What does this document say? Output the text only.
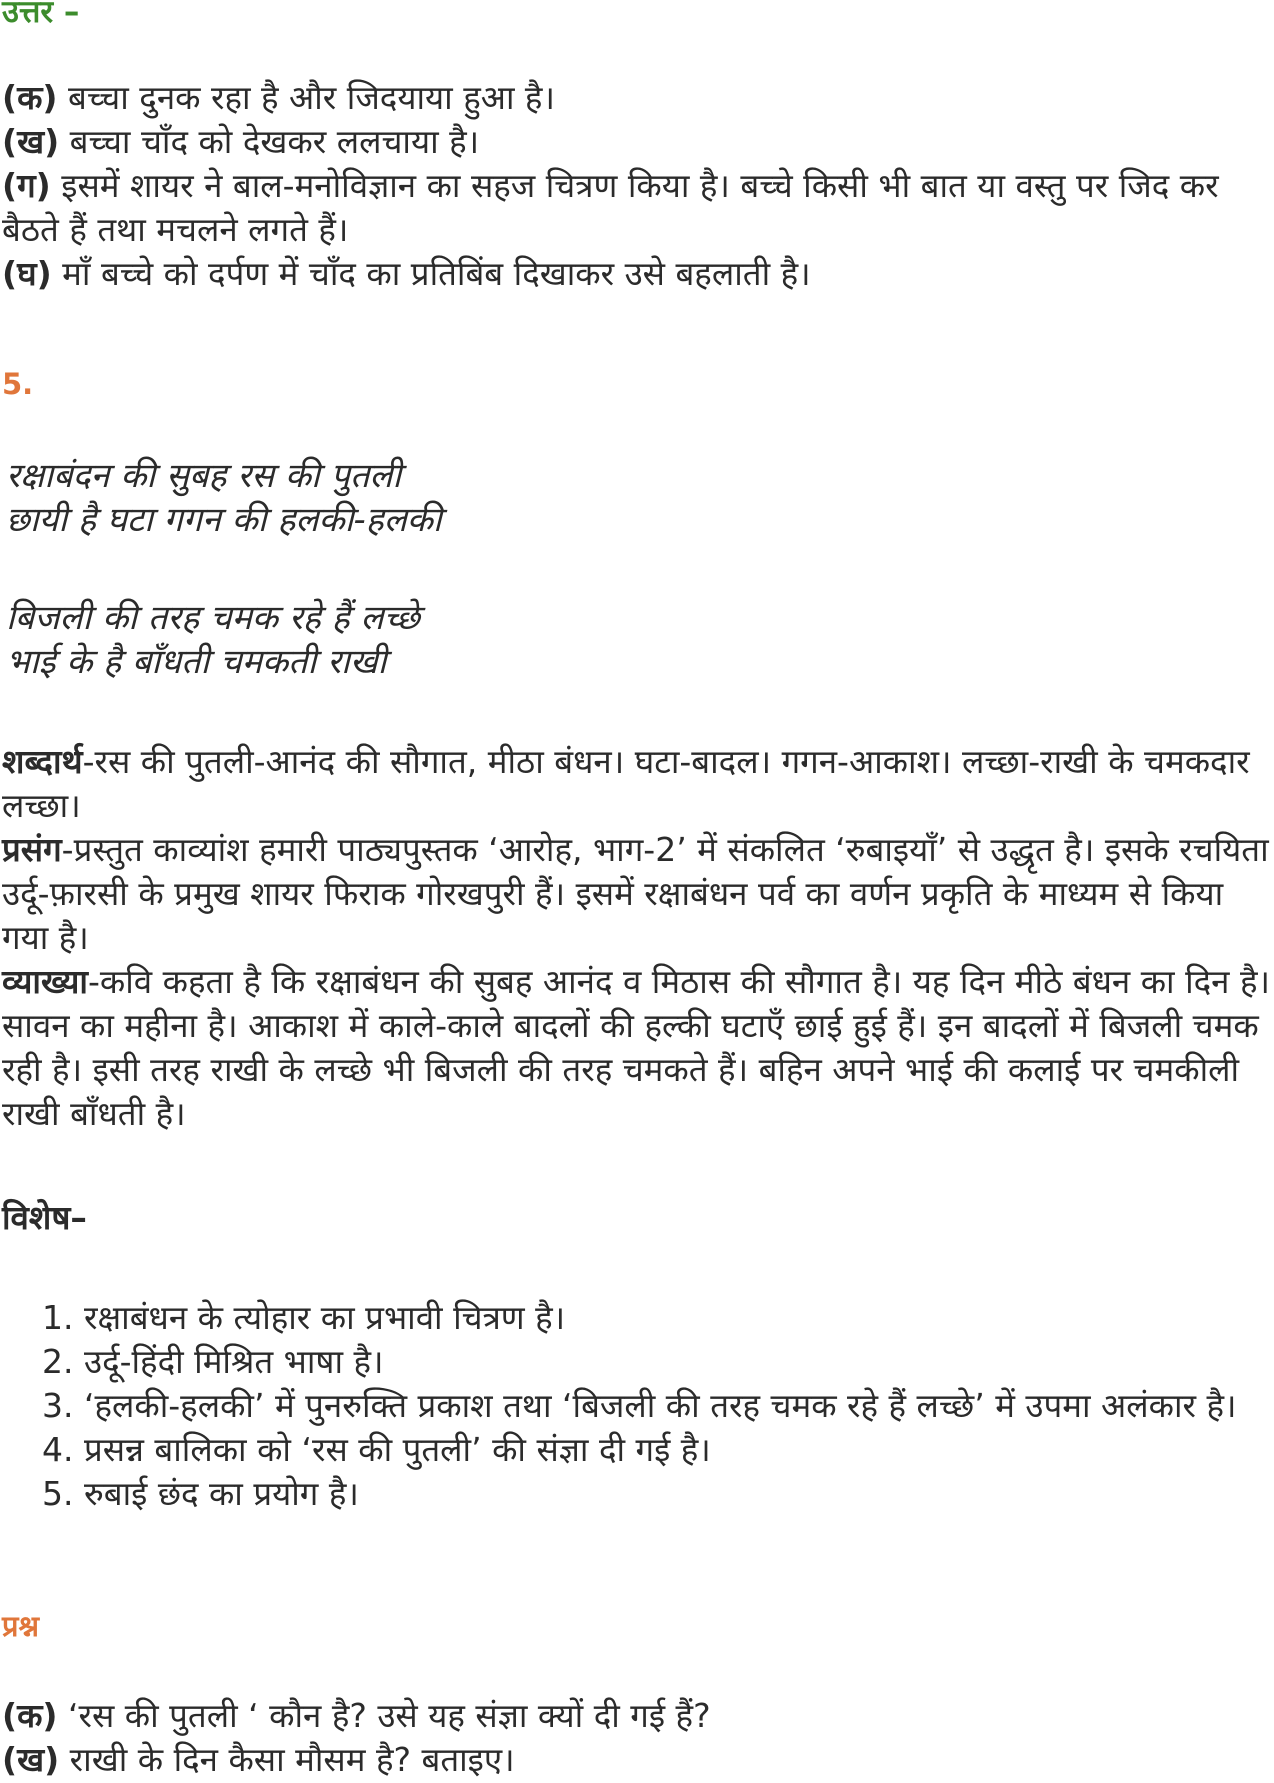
उत्तर –
(क) बच्चा दुनक रहा है और जिदयाया हुआ है।
(ख) बच्चा चाँद को देखकर ललचाया है।
(ग) इसमें शायर ने बाल-मनोविज्ञान का सहज चित्रण किया है। बच्चे किसी भी बात या वस्तु पर जिद कर बैठते हैं तथा मचलने लगते हैं।
(घ) माँ बच्चे को दर्पण में चाँद का प्रतिबिंब दिखाकर उसे बहलाती है।
5.
रक्षाबंदन की सुबह रस की पुतली
छायी है घटा गगन की हलकी-हलकी
बिजली की तरह चमक रहे हैं लच्छे
भाई के है बाँधती चमकती राखी
शब्दार्थ-रस की पुतली-आनंद की सौगात, मीठा बंधन। घटा-बादल। गगन-आकाश। लच्छा-राखी के चमकदार लच्छा।
प्रसंग-प्रस्तुत काव्यांश हमारी पाठ्यपुस्तक ‘आरोह, भाग-2’ में संकलित ‘रुबाइयाँ’ से उद्धृत है। इसके रचयिता उर्दू-फ़ारसी के प्रमुख शायर फिराक गोरखपुरी हैं। इसमें रक्षाबंधन पर्व का वर्णन प्रकृति के माध्यम से किया गया है।
व्याख्या-कवि कहता है कि रक्षाबंधन की सुबह आनंद व मिठास की सौगात है। यह दिन मीठे बंधन का दिन है। सावन का महीना है। आकाश में काले-काले बादलों की हल्की घटाएँ छाई हुई हैं। इन बादलों में बिजली चमक रही है। इसी तरह राखी के लच्छे भी बिजली की तरह चमकते हैं। बहिन अपने भाई की कलाई पर चमकीली राखी बाँधती है।
विशेष–
1. रक्षाबंधन के त्योहार का प्रभावी चित्रण है।
2. उर्दू-हिंदी मिश्रित भाषा है।
3. ‘हलकी-हलकी’ में पुनरुक्ति प्रकाश तथा ‘बिजली की तरह चमक रहे हैं लच्छे’ में उपमा अलंकार है।
4. प्रसन्न बालिका को ‘रस की पुतली’ की संज्ञा दी गई है।
5. रुबाई छंद का प्रयोग है।
प्रश्न
(क) ‘रस की पुतली ‘ कौन है? उसे यह संज्ञा क्यों दी गई हैं?
(ख) राखी के दिन कैसा मौसम है? बताइए।
